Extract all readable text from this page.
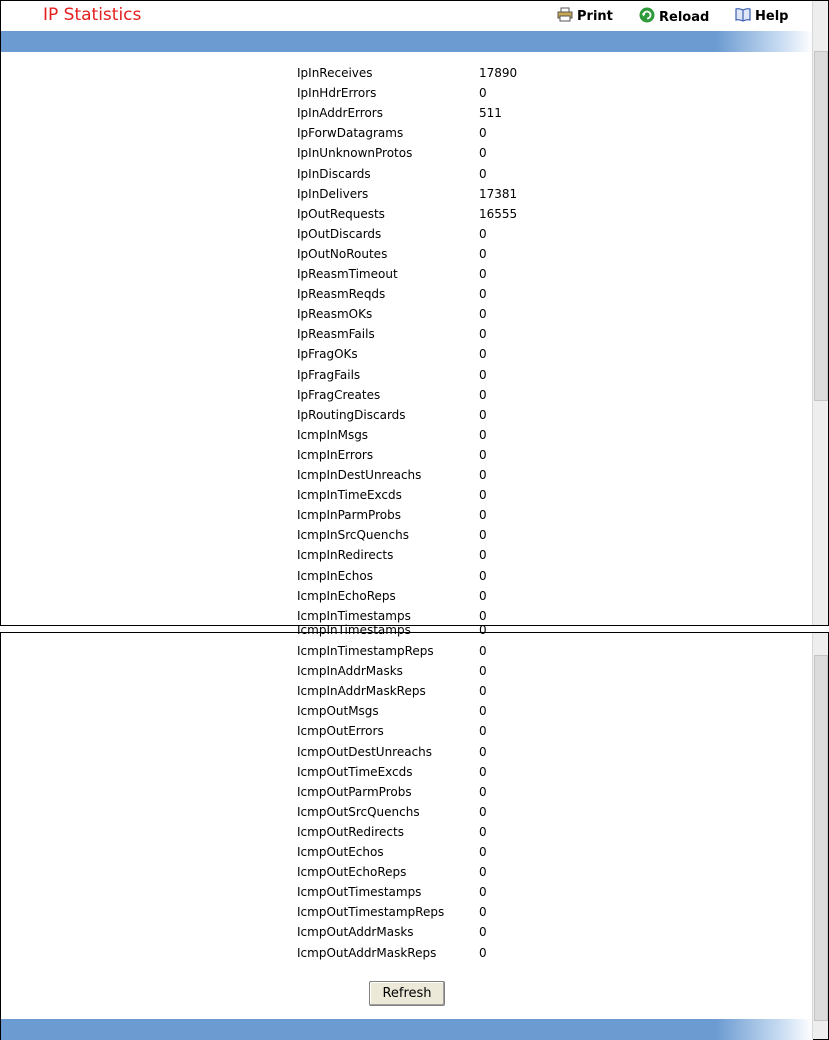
IP Statistics	Print	Reload	Help
IpInReceives	17890
IpInHdrErrors	0
IpInAddrErrors	511
IpForwDatagrams	0
IpInUnknownProtos	0
IpInDiscards	0
IpInDelivers	17381
IpOutRequests	16555
IpOutDiscards	0
IpOutNoRoutes	0
IpReasmTimeout	0
IpReasmReqds	0
IpReasmOKs	0
IpReasmFails	0
IpFragOKs	0
IpFragFails	0
IpFragCreates	0
IpRoutingDiscards	0
IcmpInMsgs	0
IcmpInErrors	0
IcmpInDestUnreachs	0
IcmpInTimeExcds	0
IcmpInParmProbs	0
IcmpInSrcQuenchs	0
IcmpInRedirects	0
IcmpInEchos	0
IcmpInEchoReps	0
IcmpInTimestamps	0
IcmpInTimestamps	0
IcmpInTimestampReps	0
IcmpInAddrMasks	0
IcmpInAddrMaskReps	0
IcmpOutMsgs	0
IcmpOutErrors	0
IcmpOutDestUnreachs	0
IcmpOutTimeExcds	0
IcmpOutParmProbs	0
IcmpOutSrcQuenchs	0
IcmpOutRedirects	0
IcmpOutEchos	0
IcmpOutEchoReps	0
IcmpOutTimestamps	0
IcmpOutTimestampReps	0
IcmpOutAddrMasks	0
IcmpOutAddrMaskReps	0
Refresh
